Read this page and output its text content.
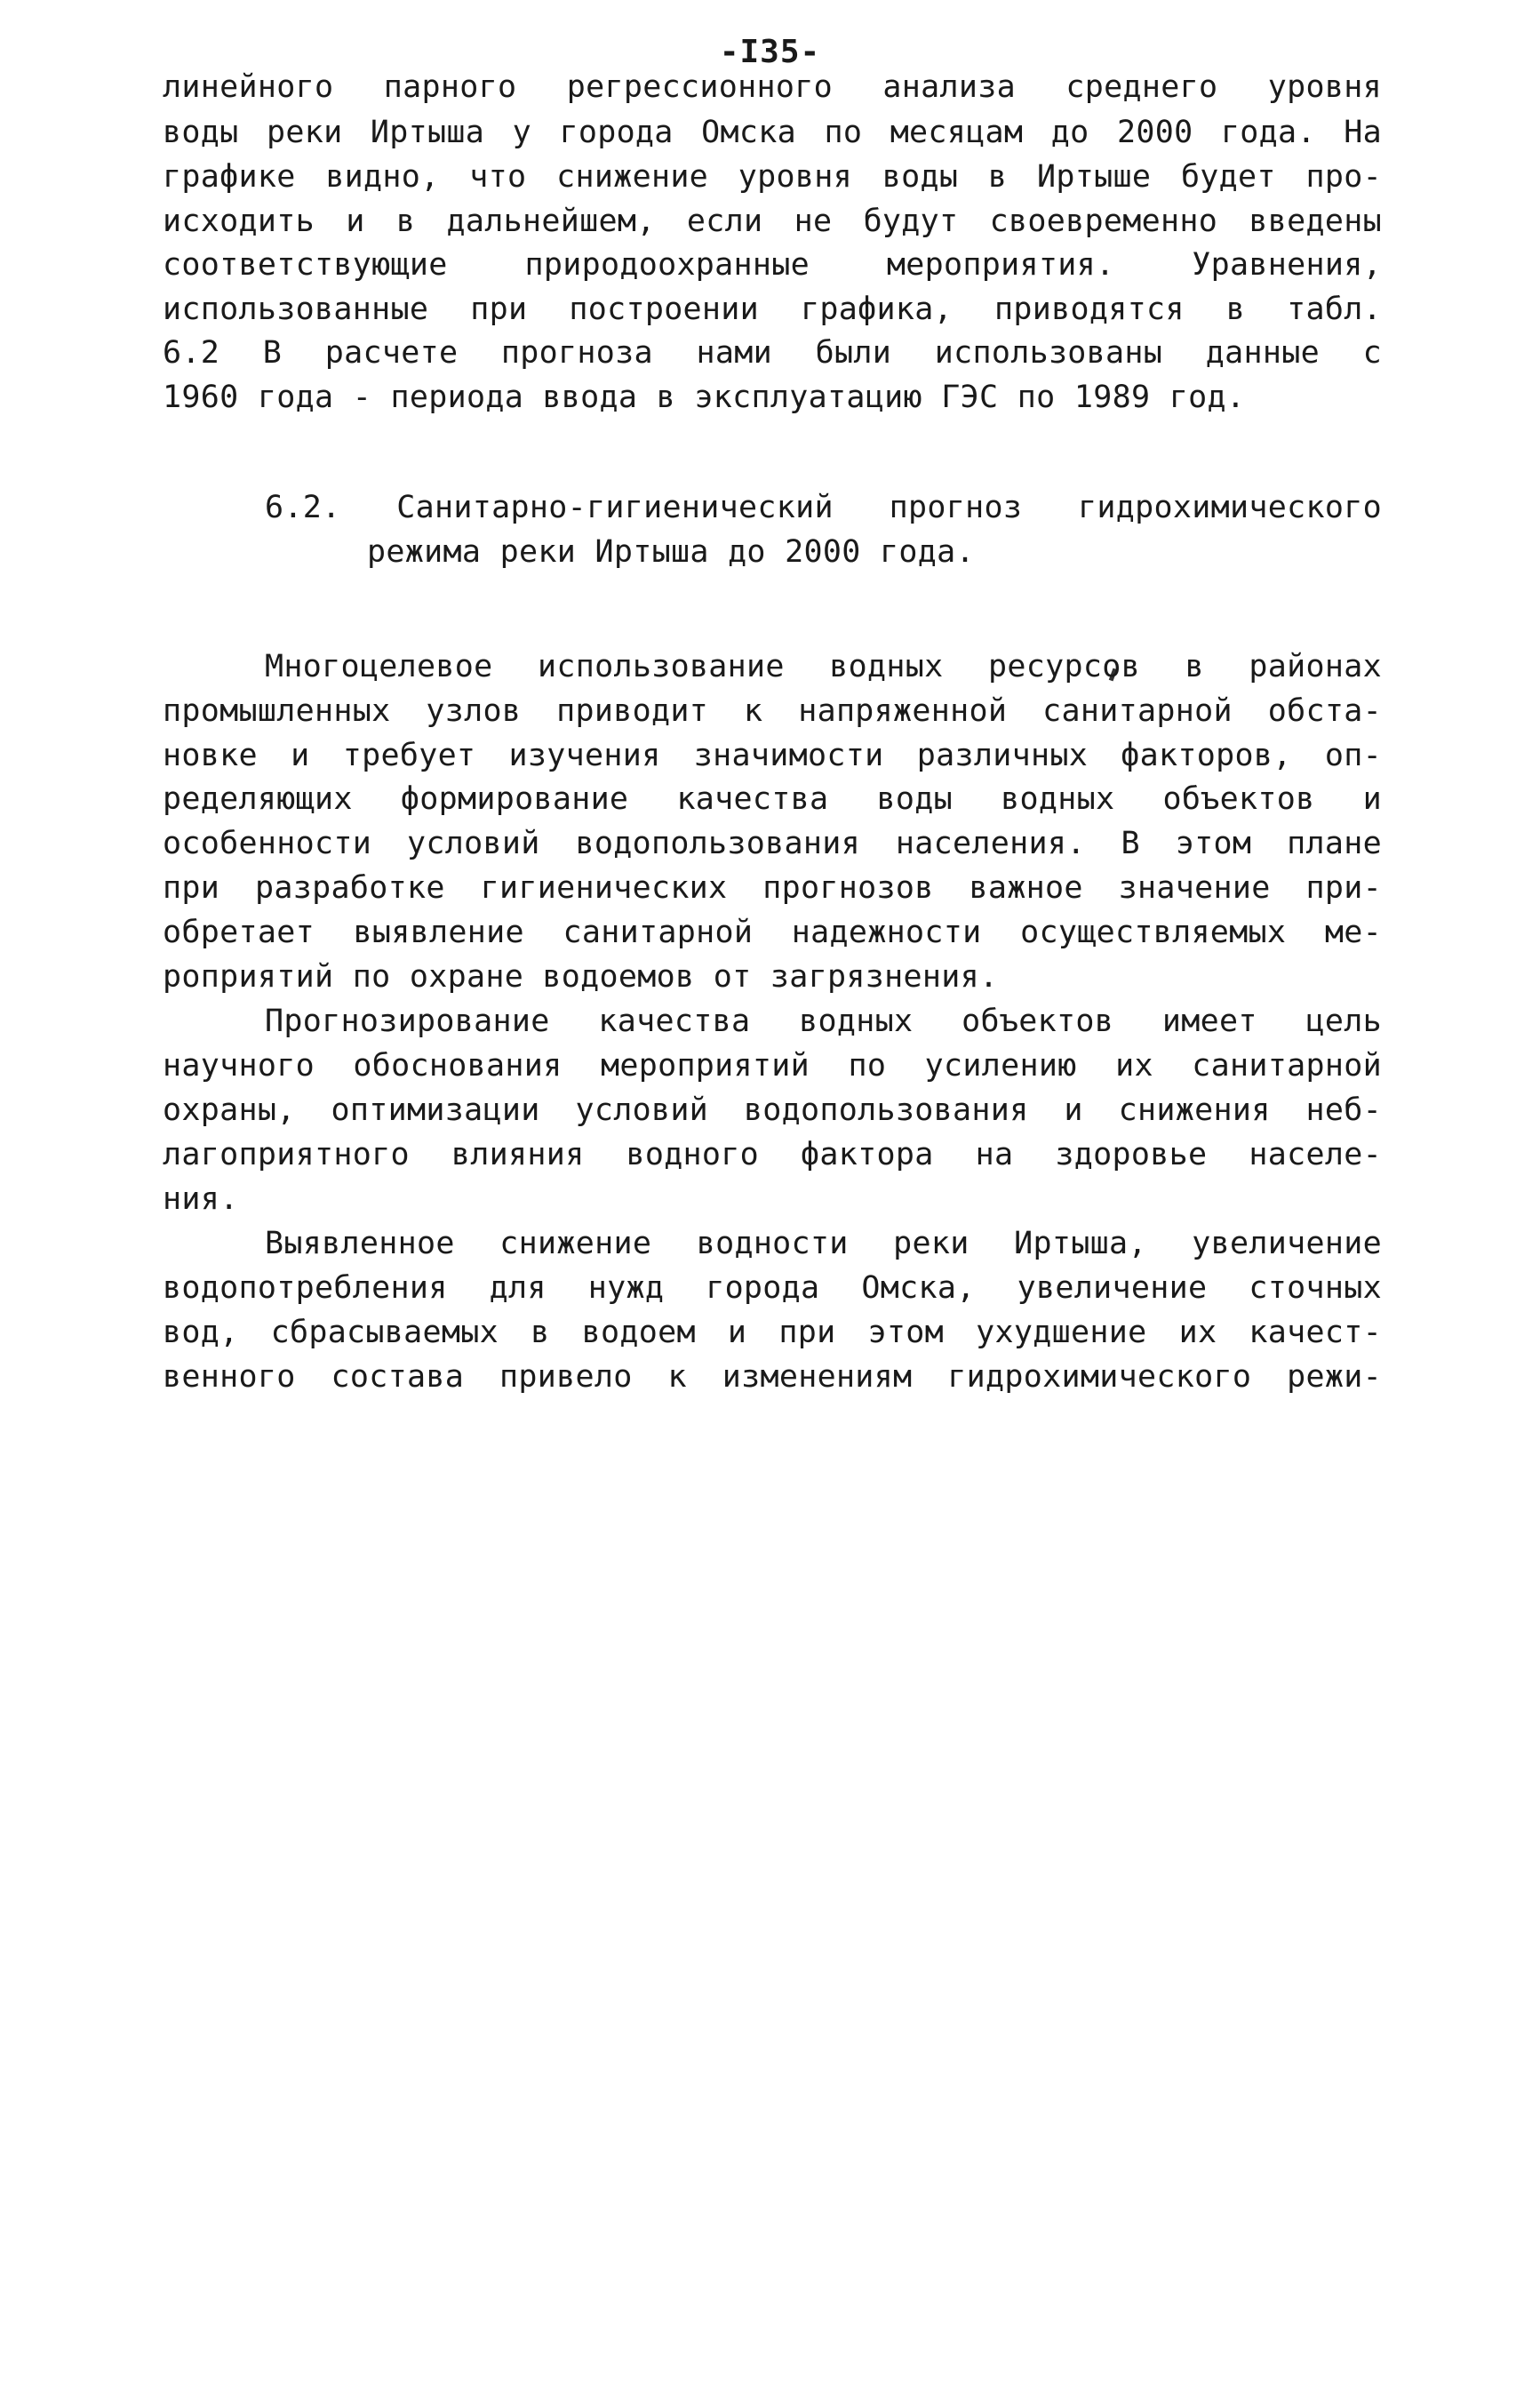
-I35-
линейного парного регрессионного анализа среднего уровня
воды реки Иртыша у города Омска по месяцам до 2000 года. На
графике видно, что снижение уровня воды в Иртыше будет про-
исходить и в дальнейшем, если не будут своевременно введены
соответствующие природоохранные мероприятия. Уравнения,
использованные при построении графика, приводятся в табл.
6.2 В расчете прогноза нами были использованы данные с
1960 года - периода ввода в эксплуатацию ГЭС по 1989 год.
6.2. Санитарно-гигиенический прогноз гидрохимического
режима реки Иртыша до 2000 года.
Многоцелевое использование водных ресурсов в районах
промышленных узлов приводит к напряженной санитарной обста-
новке и требует изучения значимости различных факторов, оп-
ределяющих формирование качества воды водных объектов и
особенности условий водопользования населения. В этом плане
при разработке гигиенических прогнозов важное значение при-
обретает выявление санитарной надежности осуществляемых ме-
роприятий по охране водоемов от загрязнения.
Прогнозирование качества водных объектов имеет цель
научного обоснования мероприятий по усилению их санитарной
охраны, оптимизации условий водопользования и снижения неб-
лагоприятного влияния водного фактора на здоровье населе-
ния.
Выявленное снижение водности реки Иртыша, увеличение
водопотребления для нужд города Омска, увеличение сточных
вод, сбрасываемых в водоем и при этом ухудшение их качест-
венного состава привело к изменениям гидрохимического режи-
